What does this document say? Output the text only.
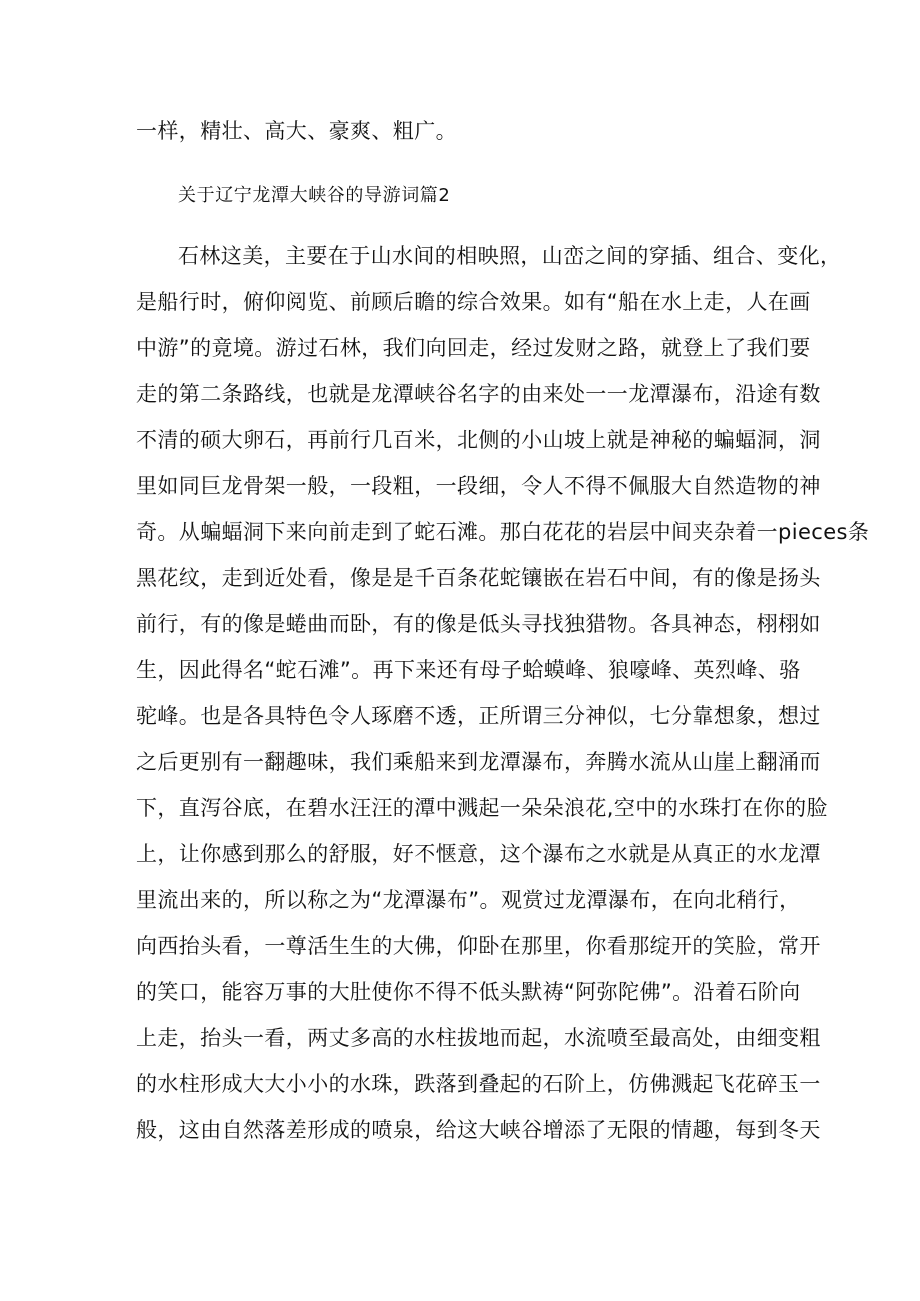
一样，精壮、高大、豪爽、粗广。
关于辽宁龙潭大峡谷的导游词篇2
石林这美，主要在于山水间的相映照，山峦之间的穿插、组合、变化，
是船行时，俯仰阅览、前顾后瞻的综合效果。如有“船在水上走，人在画
中游”的竟境。游过石林，我们向回走，经过发财之路，就登上了我们要
走的第二条路线，也就是龙潭峡谷名字的由来处一一龙潭瀑布，沿途有数
不清的硕大卵石，再前行几百米，北侧的小山坡上就是神秘的蝙蝠洞，洞
里如同巨龙骨架一般，一段粗，一段细，令人不得不佩服大自然造物的神
奇。从蝙蝠洞下来向前走到了蛇石滩。那白花花的岩层中间夹杂着一pieces条
黑花纹，走到近处看，像是是千百条花蛇镶嵌在岩石中间，有的像是扬头
前行，有的像是蜷曲而卧，有的像是低头寻找独猎物。各具神态，栩栩如
生，因此得名“蛇石滩”。再下来还有母子蛤蟆峰、狼嚎峰、英烈峰、骆
驼峰。也是各具特色令人琢磨不透，正所谓三分神似，七分靠想象，想过
之后更别有一翻趣味，我们乘船来到龙潭瀑布，奔腾水流从山崖上翻涌而
下，直泻谷底，在碧水汪汪的潭中溅起一朵朵浪花,空中的水珠打在你的脸
上，让你感到那么的舒服，好不惬意，这个瀑布之水就是从真正的水龙潭
里流出来的，所以称之为“龙潭瀑布”。观赏过龙潭瀑布，在向北稍行，
向西抬头看，一尊活生生的大佛，仰卧在那里，你看那绽开的笑脸，常开
的笑口，能容万事的大肚使你不得不低头默祷“阿弥陀佛”。沿着石阶向
上走，抬头一看，两丈多高的水柱拔地而起，水流喷至最高处，由细变粗
的水柱形成大大小小的水珠，跌落到叠起的石阶上，仿佛溅起飞花碎玉一
般，这由自然落差形成的喷泉，给这大峡谷增添了无限的情趣，每到冬天
